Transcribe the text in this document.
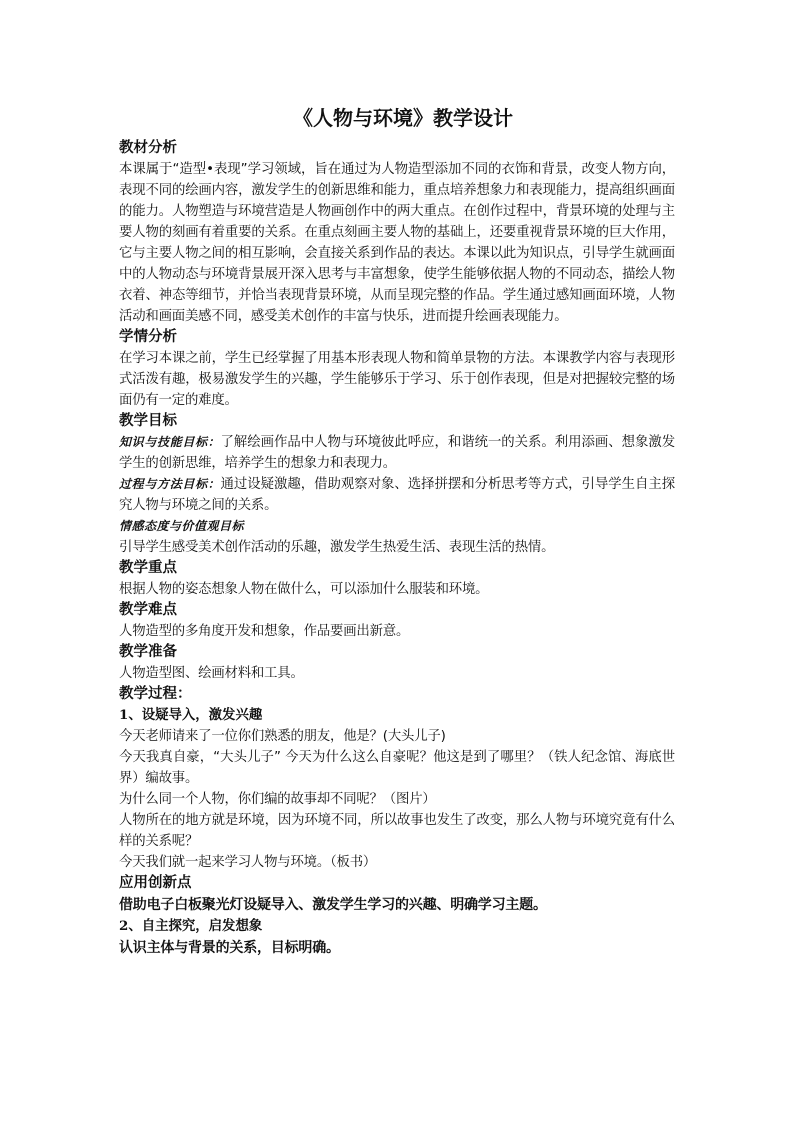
《人物与环境》教学设计

教材分析

本课属于“造型•表现”学习领域，旨在通过为人物造型添加不同的衣饰和背景，改变人物方向，表现不同的绘画内容，激发学生的创新思维和能力，重点培养想象力和表现能力，提高组织画面的能力。人物塑造与环境营造是人物画创作中的两大重点。在创作过程中，背景环境的处理与主要人物的刻画有着重要的关系。在重点刻画主要人物的基础上，还要重视背景环境的巨大作用，它与主要人物之间的相互影响，会直接关系到作品的表达。本课以此为知识点，引导学生就画面中的人物动态与环境背景展开深入思考与丰富想象，使学生能够依据人物的不同动态，描绘人物衣着、神态等细节，并恰当表现背景环境，从而呈现完整的作品。学生通过感知画面环境，人物活动和画面美感不同，感受美术创作的丰富与快乐，进而提升绘画表现能力。

学情分析

在学习本课之前，学生已经掌握了用基本形表现人物和简单景物的方法。本课教学内容与表现形式活泼有趣，极易激发学生的兴趣，学生能够乐于学习、乐于创作表现，但是对把握较完整的场面仍有一定的难度。

教学目标

知识与技能目标：了解绘画作品中人物与环境彼此呼应，和谐统一的关系。利用添画、想象激发学生的创新思维，培养学生的想象力和表现力。

过程与方法目标：通过设疑激趣，借助观察对象、选择拼摆和分析思考等方式，引导学生自主探究人物与环境之间的关系。

情感态度与价值观目标

引导学生感受美术创作活动的乐趣，激发学生热爱生活、表现生活的热情。

教学重点

根据人物的姿态想象人物在做什么，可以添加什么服装和环境。

教学难点

人物造型的多角度开发和想象，作品要画出新意。

教学准备

人物造型图、绘画材料和工具。

教学过程：

1、设疑导入，激发兴趣

今天老师请来了一位你们熟悉的朋友，他是？(大头儿子)

今天我真自豪，“大头儿子” 今天为什么这么自豪呢？他这是到了哪里？（铁人纪念馆、海底世界）编故事。

为什么同一个人物，你们编的故事却不同呢？（图片）

人物所在的地方就是环境，因为环境不同，所以故事也发生了改变，那么人物与环境究竟有什么样的关系呢？

今天我们就一起来学习人物与环境。（板书）

应用创新点

借助电子白板聚光灯设疑导入、激发学生学习的兴趣、明确学习主题。

2、自主探究，启发想象

认识主体与背景的关系，目标明确。
